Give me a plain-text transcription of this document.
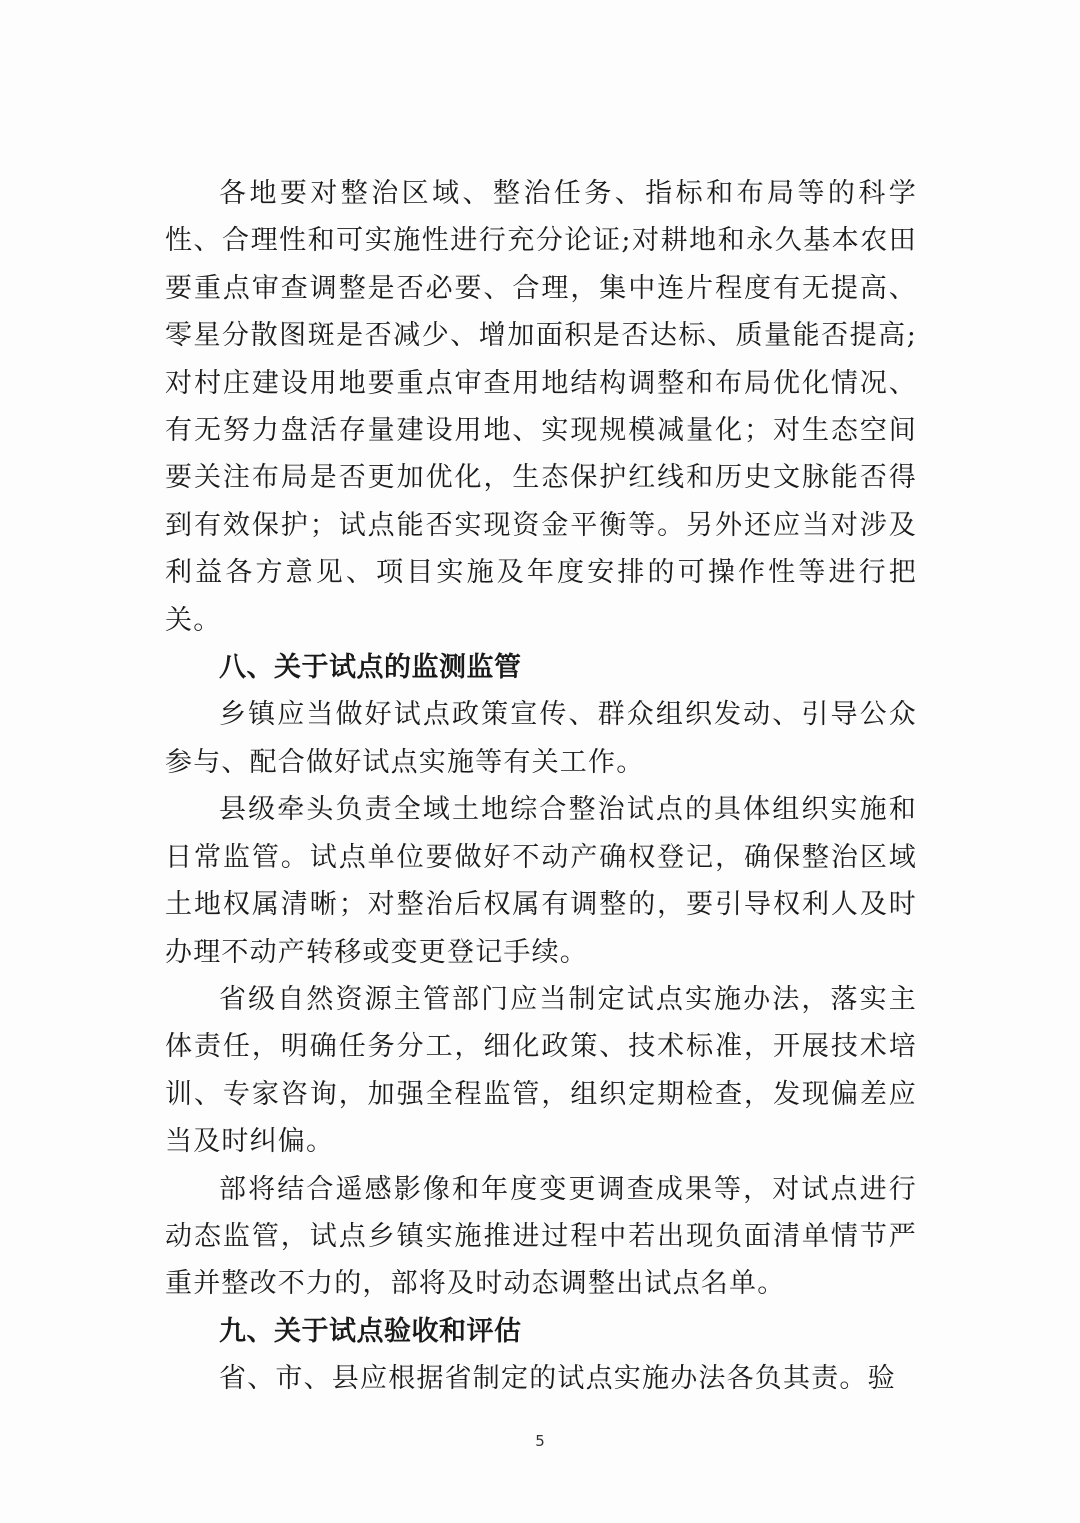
各地要对整治区域、整治任务、指标和布局等的科学性、合理性和可实施性进行充分论证;对耕地和永久基本农田要重点审查调整是否必要、合理，集中连片程度有无提高、零星分散图斑是否减少、增加面积是否达标、质量能否提高;对村庄建设用地要重点审查用地结构调整和布局优化情况、有无努力盘活存量建设用地、实现规模减量化；对生态空间要关注布局是否更加优化，生态保护红线和历史文脉能否得到有效保护；试点能否实现资金平衡等。另外还应当对涉及利益各方意见、项目实施及年度安排的可操作性等进行把关。

八、关于试点的监测监管

乡镇应当做好试点政策宣传、群众组织发动、引导公众参与、配合做好试点实施等有关工作。

县级牵头负责全域土地综合整治试点的具体组织实施和日常监管。试点单位要做好不动产确权登记，确保整治区域土地权属清晰；对整治后权属有调整的，要引导权利人及时办理不动产转移或变更登记手续。

省级自然资源主管部门应当制定试点实施办法，落实主体责任，明确任务分工，细化政策、技术标准，开展技术培训、专家咨询，加强全程监管，组织定期检查，发现偏差应当及时纠偏。

部将结合遥感影像和年度变更调查成果等，对试点进行动态监管，试点乡镇实施推进过程中若出现负面清单情节严重并整改不力的，部将及时动态调整出试点名单。

九、关于试点验收和评估

省、市、县应根据省制定的试点实施办法各负其责。验

5
